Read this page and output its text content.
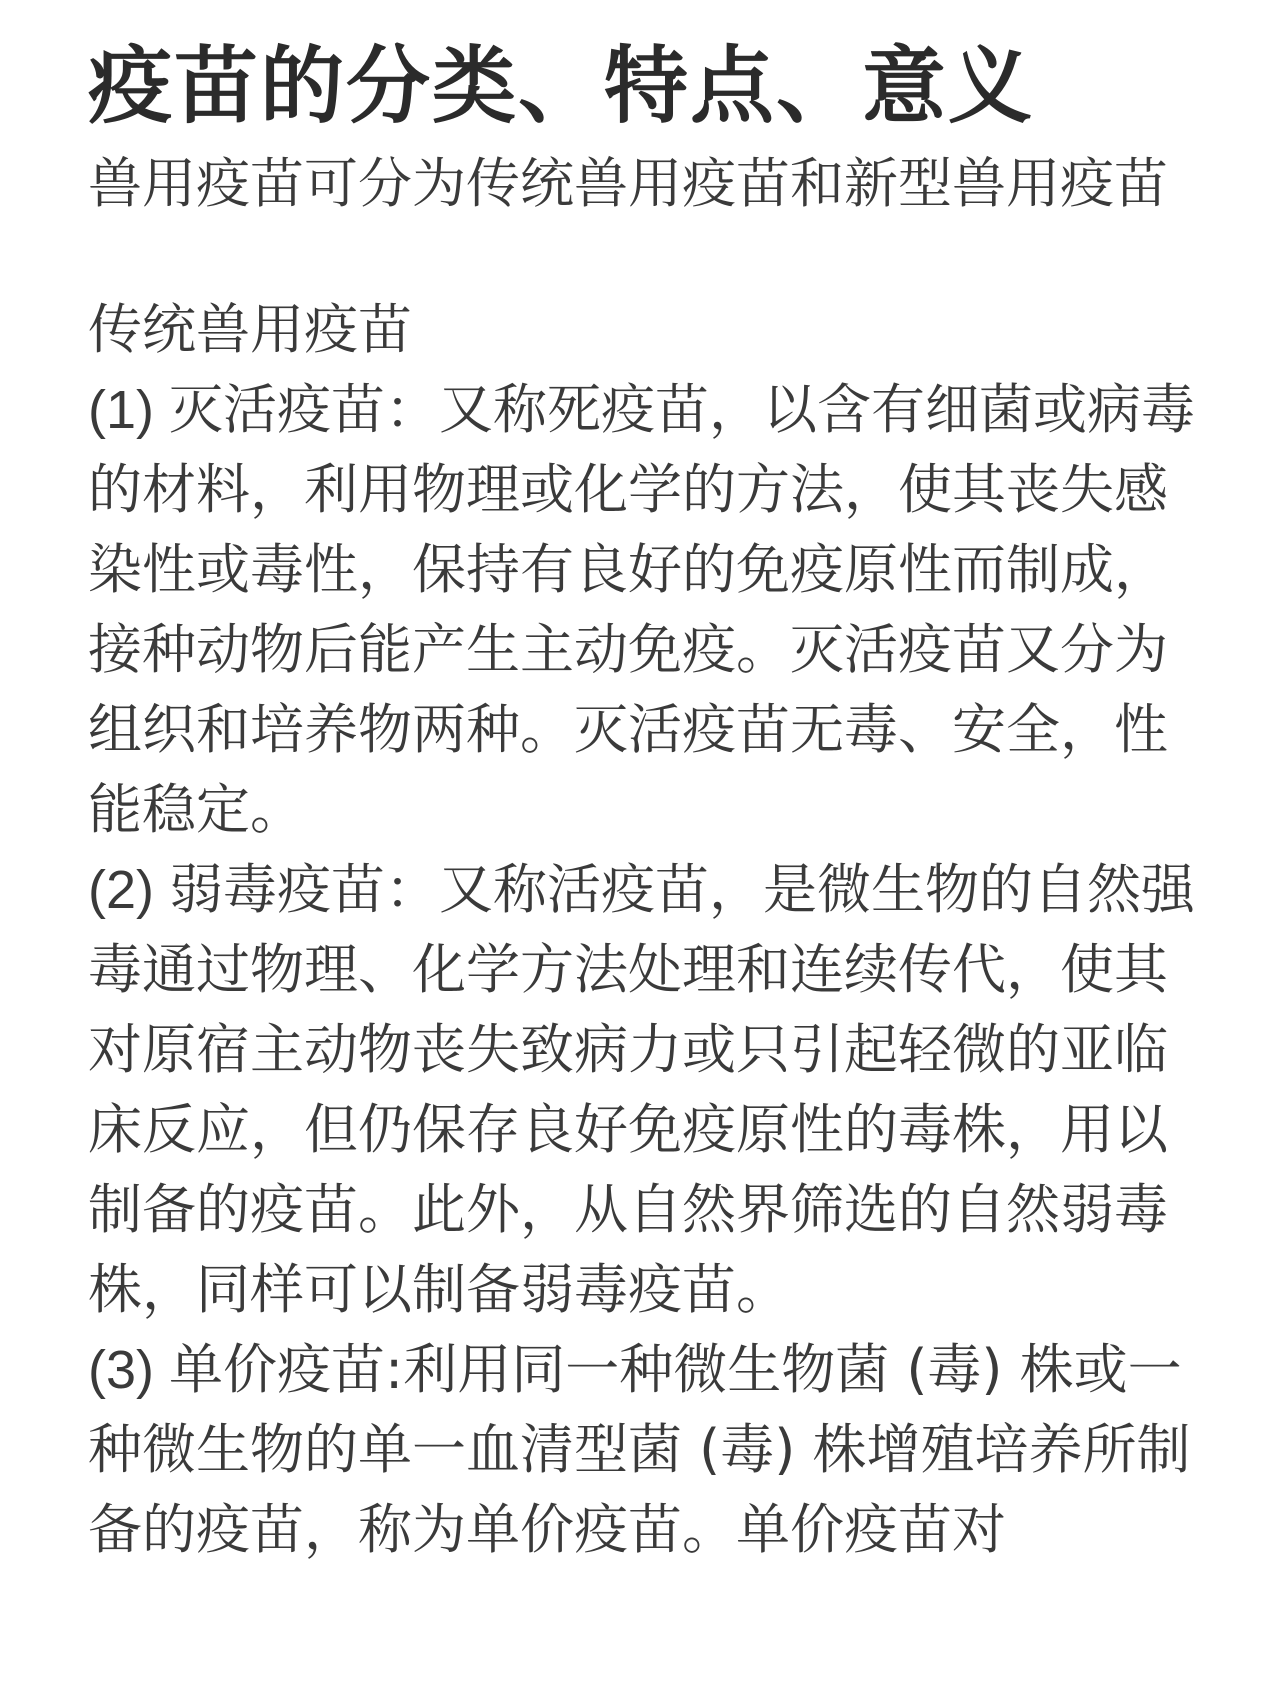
疫苗的分类、特点、意义

兽用疫苗可分为传统兽用疫苗和新型兽用疫苗

传统兽用疫苗

(1) 灭活疫苗：又称死疫苗，以含有细菌或病毒的材料，利用物理或化学的方法，使其丧失感染性或毒性，保持有良好的免疫原性而制成，接种动物后能产生主动免疫。灭活疫苗又分为组织和培养物两种。灭活疫苗无毒、安全，性能稳定。

(2) 弱毒疫苗：又称活疫苗，是微生物的自然强毒通过物理、化学方法处理和连续传代，使其对原宿主动物丧失致病力或只引起轻微的亚临床反应，但仍保存良好免疫原性的毒株，用以制备的疫苗。此外，从自然界筛选的自然弱毒株，同样可以制备弱毒疫苗。

(3) 单价疫苗:利用同一种微生物菌 (毒) 株或一种微生物的单一血清型菌 (毒) 株增殖培养所制备的疫苗，称为单价疫苗。单价疫苗对
